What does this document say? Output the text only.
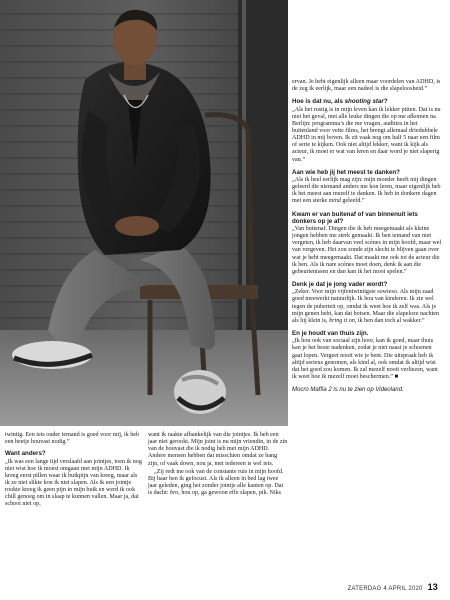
ervan. Je hebt eigenlijk alleen maar voordelen van ADHD, is de zeg ik eerlijk, maar een nadeel is die slapeloosheid.”

Hoe is dat nu, als shooting star?

„Als het rustig is in mijn leven kan ik lekker pitten. Dat is nu niet het geval, met alle leuke dingen die op me afkomen na Berlijn: programma’s die me vragen, audities in het buitenland voor vette films, het brengt allemaal driedubbele ADHD in mij boven. Ik zit vaak nog om half 5 naar een film of serie te kijken. Ook niet altijd lekker, want ik kijk als acteur, ik moet er wat van leren en daar word je niet slaperig van.”

Aan wie heb jij het meest te danken?

„Als ik heel eerlijk mag zijn: mijn moeder heeft mij dingen geleerd die niemand anders me kon leren, maar eigenlijk heb ik het meest aan mezelf te danken. Ik heb in donkere dagen met een sterke mind geleefd.”

Kwam er van buitenaf of van binnenuit iets donkers op je af?

„Van buitenaf. Dingen die ik heb meegemaakt als kleine jongen hebben me sterk gemaakt. Ik ben iemand van niet vergeten, ik heb daarvan veel scènes in mijn hoofd, maar wel van vergeven. Het zou zonde zijn slecht te blijven gaan over wat je hebt meegemaakt. Dat maakt me ook tot de acteur die ik ben. Als ik nare scènes moet doen, denk ik aan die gebeurtenissen en dan kan ik het mooi spelen.”

Denk je dat je jong vader wordt?

„Zeker. Voor mijn vijfentwintigste sowieso. Als mijn zaad goed meewerkt natuurlijk. Ik hou van kinderen. Ik zie wel tegen de puberteit op, omdat ik weet hoe ik zelf was. Als je mijn genen hebt, kan dat botsen. Maar die slapeloze nachten als hij klein is, bring it on, ik ben dan toch al wakker.”

En je houdt van thuis zijn.

„Ik hou ook van sociaal zijn hoor, kan ik goed, maar thuis kan je het beste nadenken, zodat je niet naast je schoenen gaat lopen. Vergeet nooit wie je bent. Die uitspraak heb ik altijd serieus genomen, als kind al, ook omdat ik altijd wist dat het goed zou komen. Ik zal mezelf nooit verliezen, want ik weet hoe ik mezelf moet beschermen.” ■

Mocro Maffia 2 is nu te zien op Videoland.

twintig. Een iets ouder iemand is goed voor mij, ik heb een beetje houvast nodig.”

Want anders?

„Ik was een lange tijd verslaafd aan jointjes, toen ik nog niet wist hoe ik moest omgaan met mijn ADHD. Ik kreeg eerst pillen waar ik buikpijn van kreeg, maar als ik ze niet slikte kon ik niet slapen. Als ik een jointje rookte kreeg ik geen pijn in mijn buik en werd ik ook chill genoeg om in slaap te kunnen vallen. Maar ja, dat schoot niet op,

want ik raakte afhankelijk van die jointjes. Ik heb een jaar niet gerookt. Mijn joint is nu mijn vriendin, in de zin van de houvast die ik nodig heb met mijn ADHD. Andere mensen hebben dat misschien omdat ze bang zijn, of vaak down, nou ja, met iedereen is wel iets.

„Zij redt me ook van de constante ruis in mijn hoofd. Bij haar ben ik gefocust. Als ik alleen in bed lag twee jaar geleden, ging het zonder jointje alle kanten op. Dat is dacht: bro, hou op, ga gewoon effe slapen, pik. Niks

ZATERDAG 4 APRIL 2020 13
